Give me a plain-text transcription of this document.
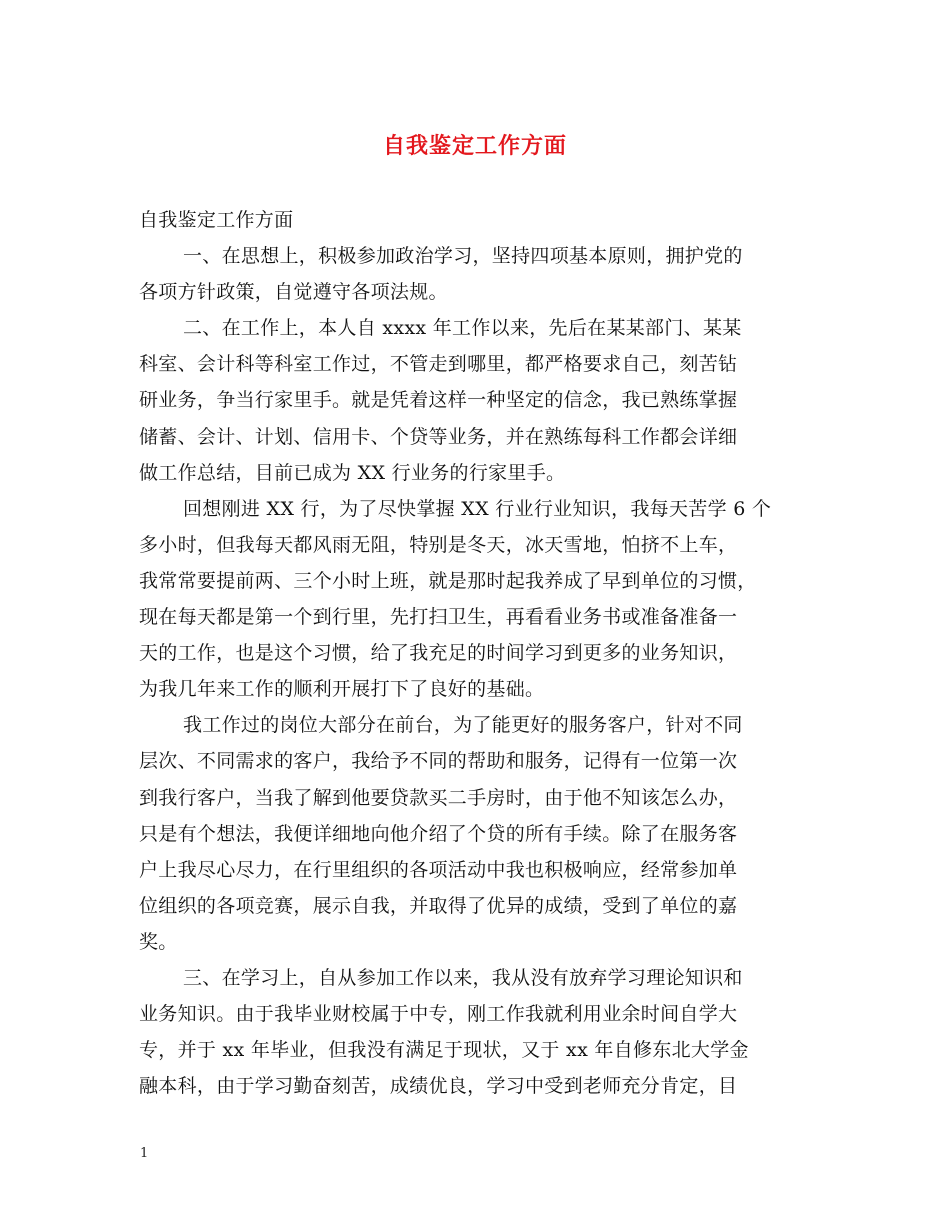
自我鉴定工作方面
自我鉴定工作方面
一、在思想上，积极参加政治学习，坚持四项基本原则，拥护党的
各项方针政策，自觉遵守各项法规。
二、在工作上，本人自 xxxx 年工作以来，先后在某某部门、某某
科室、会计科等科室工作过，不管走到哪里，都严格要求自己，刻苦钻
研业务，争当行家里手。就是凭着这样一种坚定的信念，我已熟练掌握
储蓄、会计、计划、信用卡、个贷等业务，并在熟练每科工作都会详细
做工作总结，目前已成为 XX 行业务的行家里手。
回想刚进 XX 行，为了尽快掌握 XX 行业行业知识，我每天苦学 6 个
多小时，但我每天都风雨无阻，特别是冬天，冰天雪地，怕挤不上车，
我常常要提前两、三个小时上班，就是那时起我养成了早到单位的习惯，
现在每天都是第一个到行里，先打扫卫生，再看看业务书或准备准备一
天的工作，也是这个习惯，给了我充足的时间学习到更多的业务知识，
为我几年来工作的顺利开展打下了良好的基础。
我工作过的岗位大部分在前台，为了能更好的服务客户，针对不同
层次、不同需求的客户，我给予不同的帮助和服务，记得有一位第一次
到我行客户，当我了解到他要贷款买二手房时，由于他不知该怎么办，
只是有个想法，我便详细地向他介绍了个贷的所有手续。除了在服务客
户上我尽心尽力，在行里组织的各项活动中我也积极响应，经常参加单
位组织的各项竞赛，展示自我，并取得了优异的成绩，受到了单位的嘉
奖。
三、在学习上，自从参加工作以来，我从没有放弃学习理论知识和
业务知识。由于我毕业财校属于中专，刚工作我就利用业余时间自学大
专，并于 xx 年毕业，但我没有满足于现状，又于 xx 年自修东北大学金
融本科，由于学习勤奋刻苦，成绩优良，学习中受到老师充分肯定，目
1
